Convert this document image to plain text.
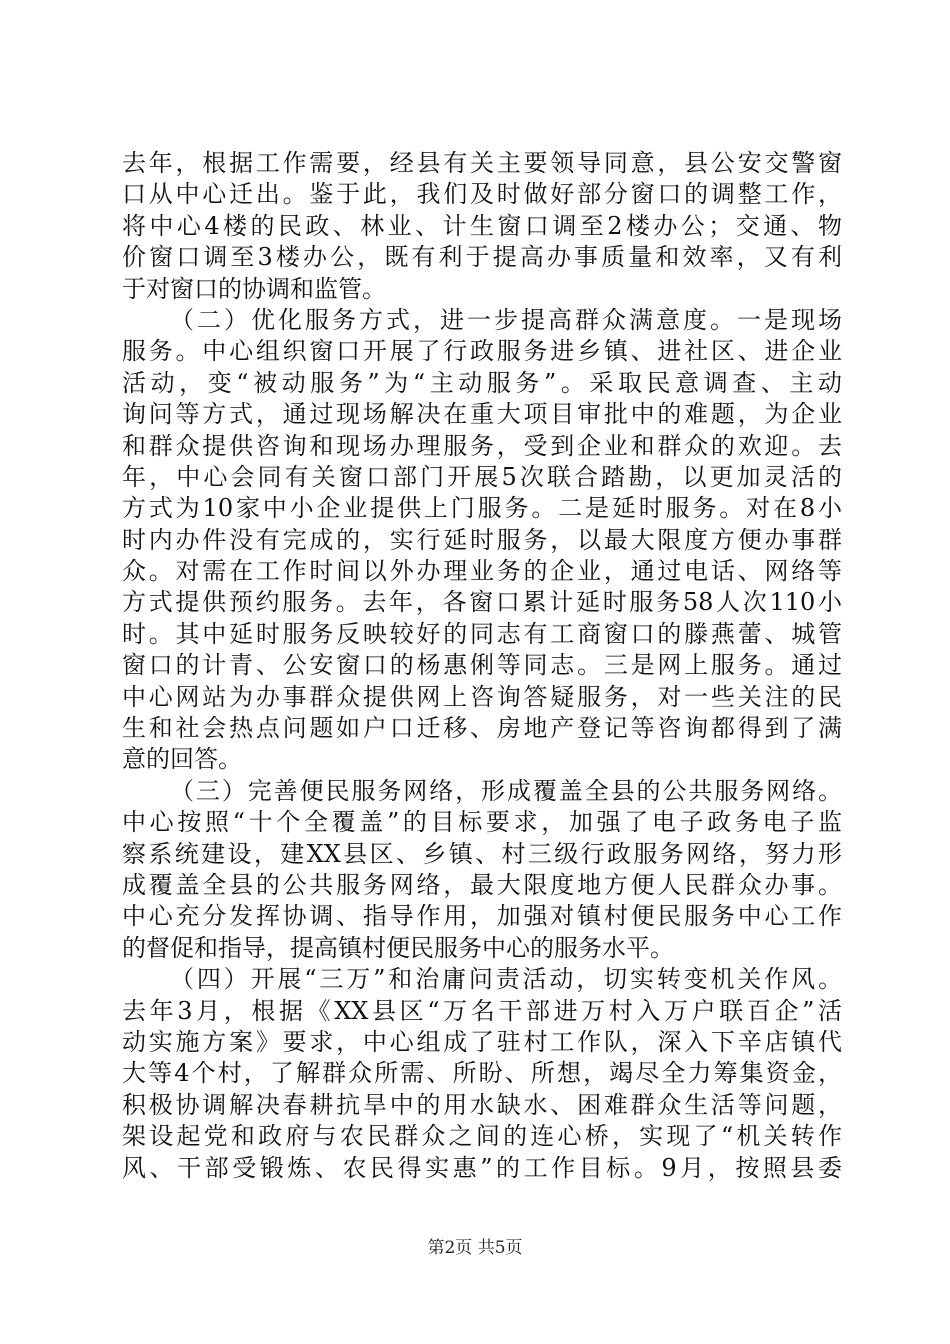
去年，根据工作需要，经县有关主要领导同意，县公安交警窗
口从中心迁出。鉴于此，我们及时做好部分窗口的调整工作，
将中心4楼的民政、林业、计生窗口调至2楼办公；交通、物
价窗口调至3楼办公，既有利于提高办事质量和效率，又有利
于对窗口的协调和监管。
（二）优化服务方式，进一步提高群众满意度。一是现场
服务。中心组织窗口开展了行政服务进乡镇、进社区、进企业
活动，变“被动服务”为“主动服务”。采取民意调查、主动
询问等方式，通过现场解决在重大项目审批中的难题，为企业
和群众提供咨询和现场办理服务，受到企业和群众的欢迎。去
年，中心会同有关窗口部门开展5次联合踏勘，以更加灵活的
方式为10家中小企业提供上门服务。二是延时服务。对在8小
时内办件没有完成的，实行延时服务，以最大限度方便办事群
众。对需在工作时间以外办理业务的企业，通过电话、网络等
方式提供预约服务。去年，各窗口累计延时服务58人次110小
时。其中延时服务反映较好的同志有工商窗口的滕燕蕾、城管
窗口的计青、公安窗口的杨惠俐等同志。三是网上服务。通过
中心网站为办事群众提供网上咨询答疑服务，对一些关注的民
生和社会热点问题如户口迁移、房地产登记等咨询都得到了满
意的回答。
（三）完善便民服务网络，形成覆盖全县的公共服务网络。
中心按照“十个全覆盖”的目标要求，加强了电子政务电子监
察系统建设，建XX县区、乡镇、村三级行政服务网络，努力形
成覆盖全县的公共服务网络，最大限度地方便人民群众办事。
中心充分发挥协调、指导作用，加强对镇村便民服务中心工作
的督促和指导，提高镇村便民服务中心的服务水平。
（四）开展“三万”和治庸问责活动，切实转变机关作风。
去年3月，根据《XX县区“万名干部进万村入万户联百企”活
动实施方案》要求，中心组成了驻村工作队，深入下辛店镇代
大等4个村，了解群众所需、所盼、所想，竭尽全力筹集资金，
积极协调解决春耕抗旱中的用水缺水、困难群众生活等问题，
架设起党和政府与农民群众之间的连心桥，实现了“机关转作
风、干部受锻炼、农民得实惠”的工作目标。9月，按照县委
第2页 共5页
